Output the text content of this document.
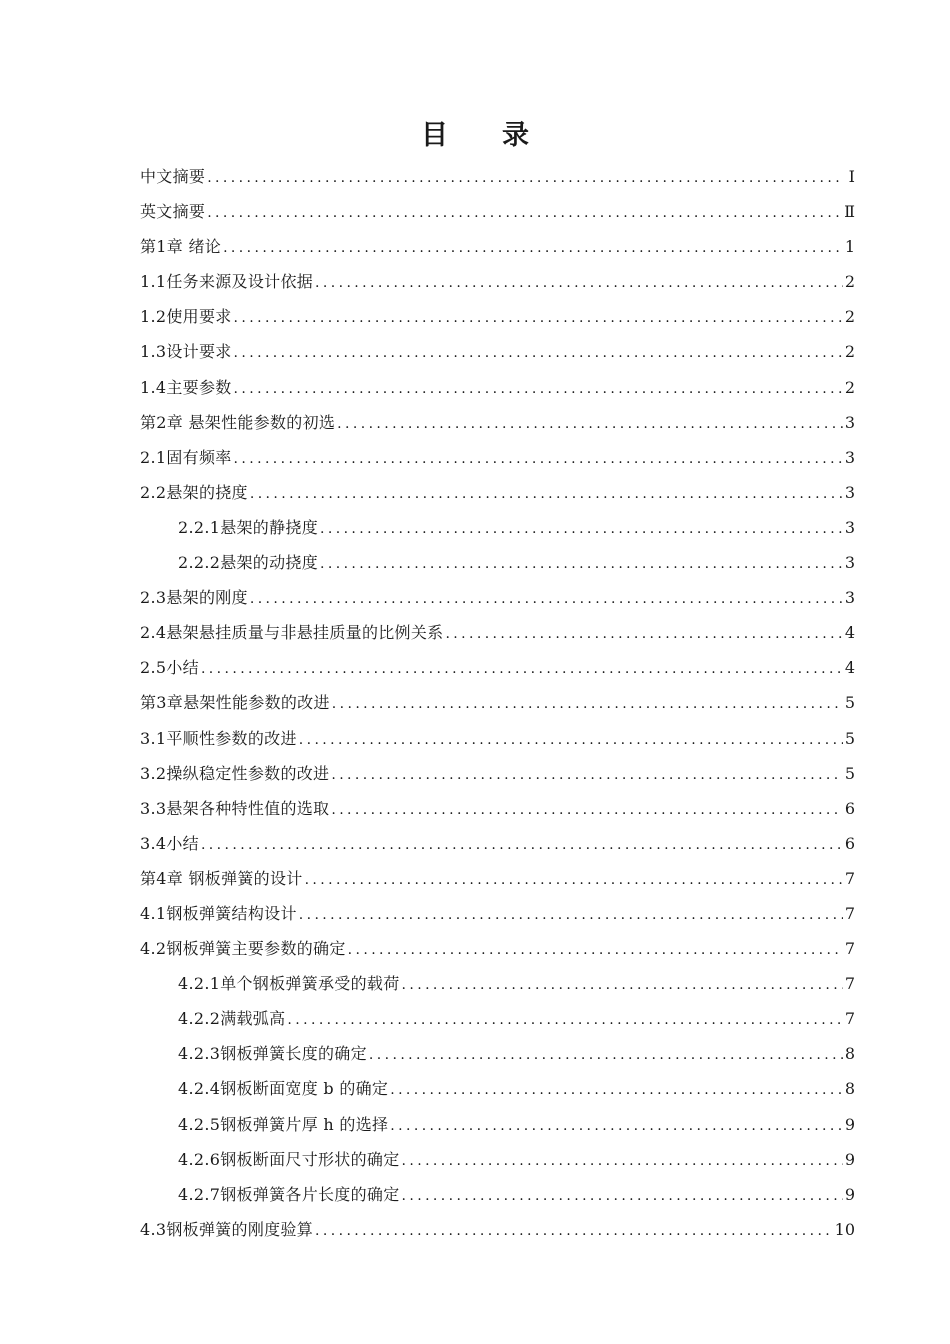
目 录
中文摘要 .....	Ⅰ
英文摘要 .....	Ⅱ
第1章 绪论 .....	1
1.1任务来源及设计依据 .....	2
1.2使用要求 .....	2
1.3设计要求 .....	2
1.4主要参数 .....	2
第2章 悬架性能参数的初选 .....	3
2.1固有频率 .....	3
2.2悬架的挠度 .....	3
2.2.1悬架的静挠度 .....	3
2.2.2悬架的动挠度 .....	3
2.3悬架的刚度 .....	3
2.4悬架悬挂质量与非悬挂质量的比例关系 .....	4
2.5小结 .....	4
第3章悬架性能参数的改进 .....	5
3.1平顺性参数的改进 .....	5
3.2操纵稳定性参数的改进 .....	5
3.3悬架各种特性值的选取 .....	6
3.4小结 .....	6
第4章 钢板弹簧的设计 .....	7
4.1钢板弹簧结构设计 .....	7
4.2钢板弹簧主要参数的确定 .....	7
4.2.1单个钢板弹簧承受的载荷 .....	7
4.2.2满载弧高 .....	7
4.2.3钢板弹簧长度的确定 .....	8
4.2.4钢板断面宽度 b 的确定 .....	8
4.2.5钢板弹簧片厚 h 的选择 .....	9
4.2.6钢板断面尺寸形状的确定 .....	9
4.2.7钢板弹簧各片长度的确定 .....	9
4.3钢板弹簧的刚度验算 .....	10
